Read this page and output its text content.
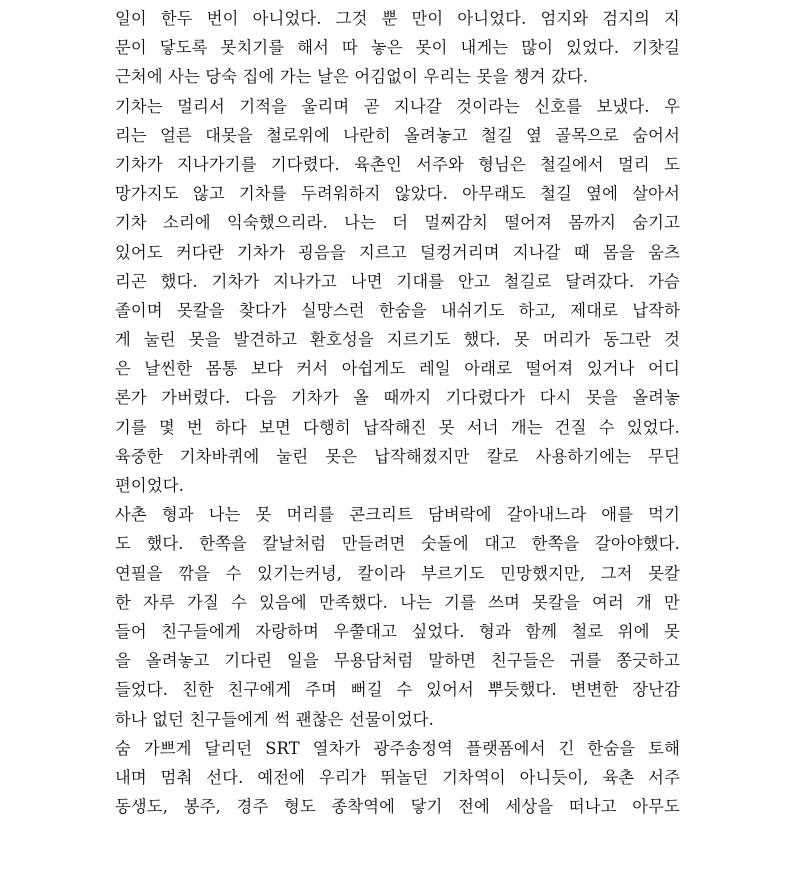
일이 한두 번이 아니었다. 그것 뿐 만이 아니었다. 엄지와 검지의 지
문이 닿도록 못치기를 해서 따 놓은 못이 내게는 많이 있었다. 기찻길
근처에 사는 당숙 집에 가는 날은 어김없이 우리는 못을 챙겨 갔다.
기차는 멀리서 기적을 울리며 곧 지나갈 것이라는 신호를 보냈다. 우
리는 얼른 대못을 철로위에 나란히 올려놓고 철길 옆 골목으로 숨어서
기차가 지나가기를 기다렸다. 육촌인 서주와 형님은 철길에서 멀리 도
망가지도 않고 기차를 두려워하지 않았다. 아무래도 철길 옆에 살아서
기차 소리에 익숙했으리라. 나는 더 멀찌감치 떨어져 몸까지 숨기고
있어도 커다란 기차가 굉음을 지르고 덜컹거리며 지나갈 때 몸을 움츠
리곤 했다. 기차가 지나가고 나면 기대를 안고 철길로 달려갔다. 가슴
졸이며 못칼을 찾다가 실망스런 한숨을 내쉬기도 하고, 제대로 납작하
게 눌린 못을 발견하고 환호성을 지르기도 했다. 못 머리가 동그란 것
은 날씬한 몸통 보다 커서 아쉽게도 레일 아래로 떨어져 있거나 어디
론가 가버렸다. 다음 기차가 올 때까지 기다렸다가 다시 못을 올려놓
기를 몇 번 하다 보면 다행히 납작해진 못 서너 개는 건질 수 있었다.
육중한 기차바퀴에 눌린 못은 납작해졌지만 칼로 사용하기에는 무딘
편이었다.
사촌 형과 나는 못 머리를 콘크리트 담벼락에 갈아내느라 애를 먹기
도 했다. 한쪽을 칼날처럼 만들려면 숫돌에 대고 한쪽을 갈아야했다.
연필을 깎을 수 있기는커녕, 칼이라 부르기도 민망했지만, 그저 못칼
한 자루 가질 수 있음에 만족했다. 나는 기를 쓰며 못칼을 여러 개 만
들어 친구들에게 자랑하며 우쭐대고 싶었다. 형과 함께 철로 위에 못
을 올려놓고 기다린 일을 무용담처럼 말하면 친구들은 귀를 쫑긋하고
들었다. 친한 친구에게 주며 뻐길 수 있어서 뿌듯했다. 변변한 장난감
하나 없던 친구들에게 썩 괜찮은 선물이었다.
숨 가쁘게 달리던 SRT 열차가 광주송정역 플랫폼에서 긴 한숨을 토해
내며 멈춰 선다. 예전에 우리가 뛰놀던 기차역이 아니듯이, 육촌 서주
동생도, 봉주, 경주 형도 종착역에 닿기 전에 세상을 떠나고 아무도
